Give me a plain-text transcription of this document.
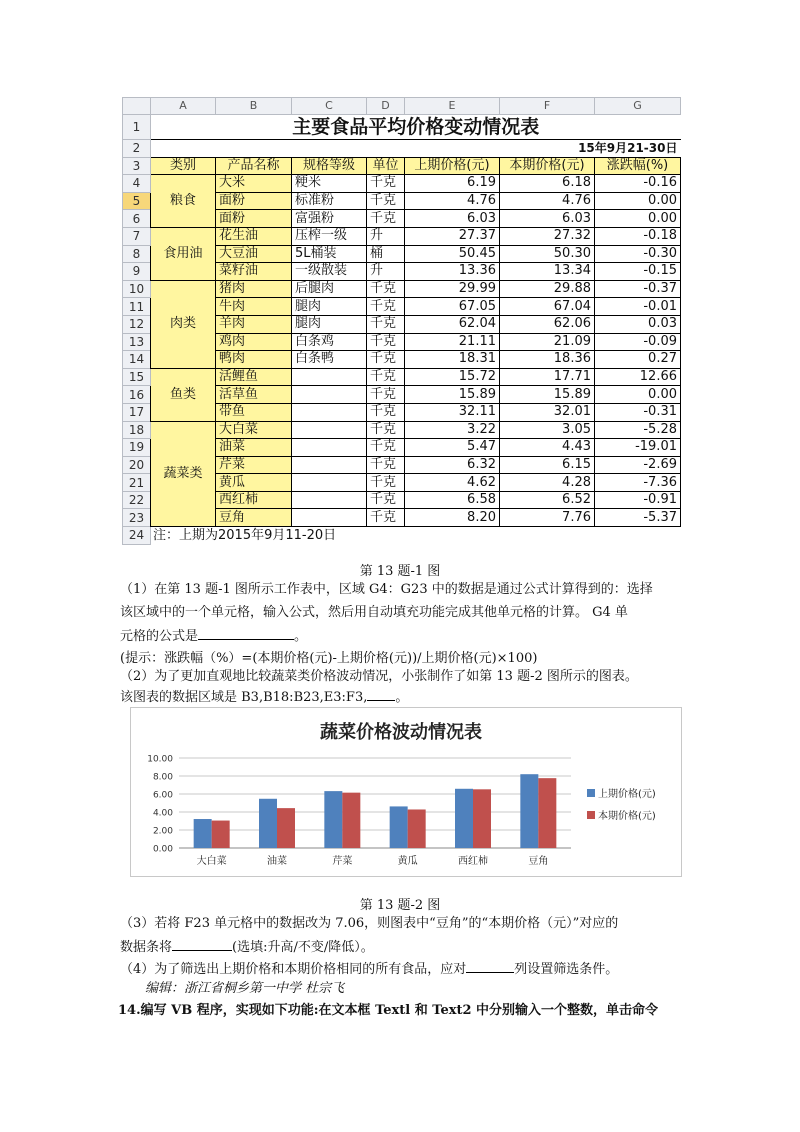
	A	B	C	D	E	F	G
1	主要食品平均价格变动情况表						
2	15年9月21-30日						
3	类别	产品名称	规格等级	单位	上期价格(元)	本期价格(元)	涨跌幅(%)
4	粮食	大米	粳米	千克	6.19	6.18	-0.16
5		面粉	标准粉	千克	4.76	4.76	0.00
6		面粉	富强粉	千克	6.03	6.03	0.00
7	食用油	花生油	压榨一级	升	27.37	27.32	-0.18
8		大豆油	5L桶装	桶	50.45	50.30	-0.30
9		菜籽油	一级散装	升	13.36	13.34	-0.15
10	肉类	猪肉	后腿肉	千克	29.99	29.88	-0.37
11		牛肉	腿肉	千克	67.05	67.04	-0.01
12		羊肉	腿肉	千克	62.04	62.06	0.03
13		鸡肉	白条鸡	千克	21.11	21.09	-0.09
14		鸭肉	白条鸭	千克	18.31	18.36	0.27
15	鱼类	活鲤鱼		千克	15.72	17.71	12.66
16		活草鱼		千克	15.89	15.89	0.00
17		带鱼		千克	32.11	32.01	-0.31
18	蔬菜类	大白菜		千克	3.22	3.05	-5.28
19		油菜		千克	5.47	4.43	-19.01
20		芹菜		千克	6.32	6.15	-2.69
21		黄瓜		千克	4.62	4.28	-7.36
22		西红柿		千克	6.58	6.52	-0.91
23		豆角		千克	8.20	7.76	-5.37
24	注：上期为2015年9月11-20日						
第 13 题-1 图
（1）在第 13 题-1 图所示工作表中，区域 G4：G23 中的数据是通过公式计算得到的：选择
该区域中的一个单元格，输入公式，然后用自动填充功能完成其他单元格的计算。 G4 单
元格的公式是	。
(提示：涨跌幅（%）=(本期价格(元)-上期价格(元))/上期价格(元)×100)
（2）为了更加直观地比较蔬菜类价格波动情况，小张制作了如第 13 题-2 图所示的图表。
该图表的数据区域是 B3,B18:B23,E3:F3, 。
蔬菜价格波动情况表
0.00
2.00
4.00
6.00
8.00
10.00
大白菜	油菜	芹菜	黄瓜	西红柿	豆角
上期价格(元)
本期价格(元)
第 13 题-2 图
（3）若将 F23 单元格中的数据改为 7.06，则图表中“豆角”的“本期价格（元）”对应的
数据条将	(选填:升高/不变/降低）。
（4）为了筛选出上期价格和本期价格相同的所有食品，应对	列设置筛选条件。
编辑：浙江省桐乡第一中学 杜宗飞
14.编写 VB 程序，实现如下功能:在文本框 Textl 和 Text2 中分别输入一个整数，单击命令
